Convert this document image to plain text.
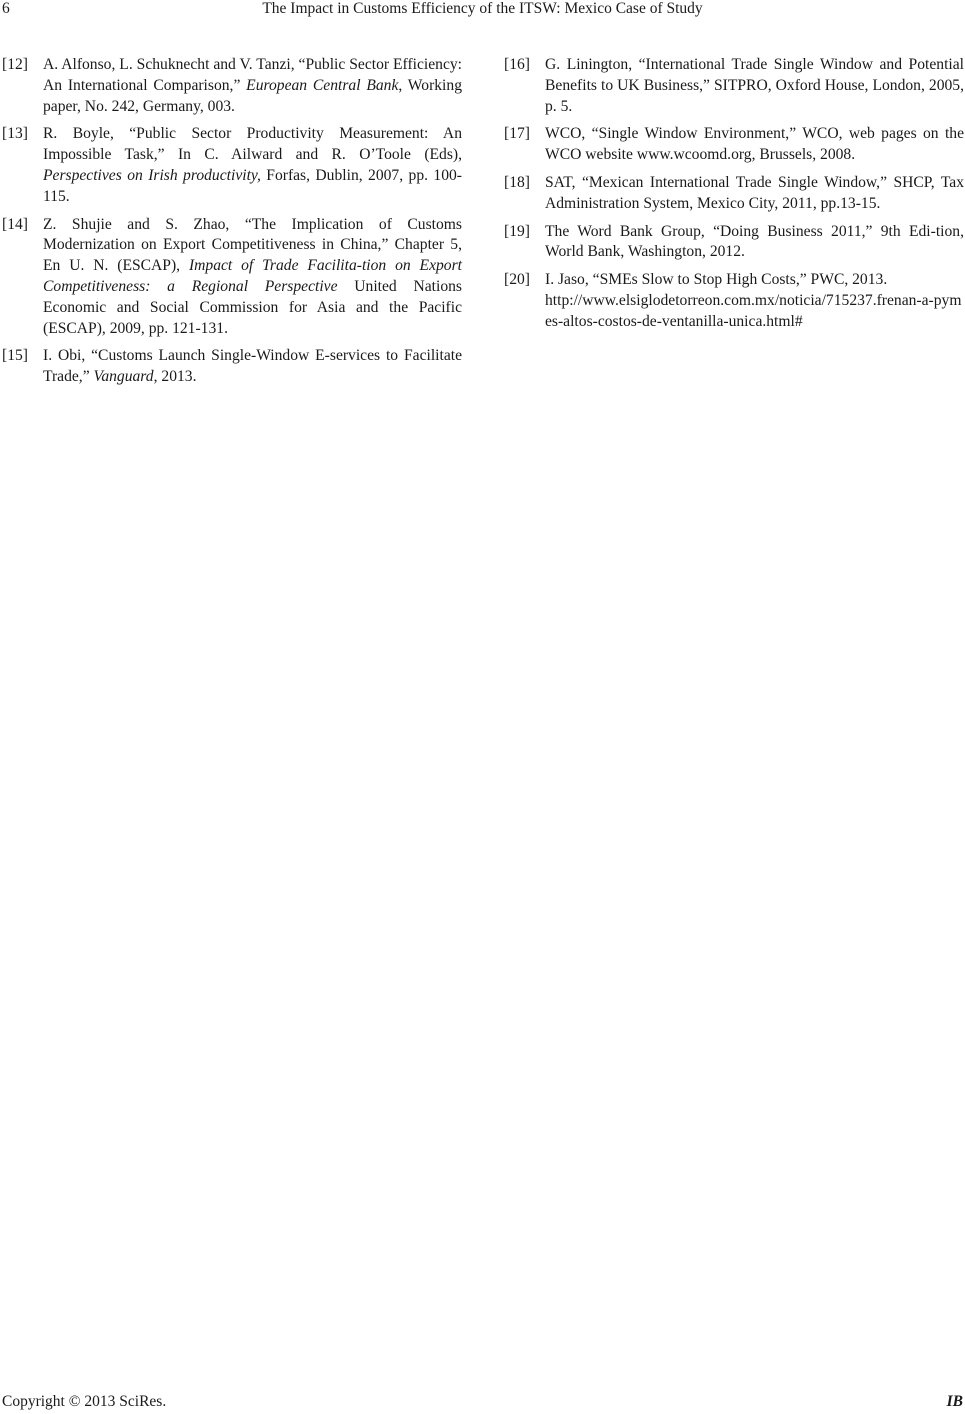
6	The Impact in Customs Efficiency of the ITSW: Mexico Case of Study
[12] A. Alfonso, L. Schuknecht and V. Tanzi, “Public Sector Efficiency: An International Comparison,” European Central Bank, Working paper, No. 242, Germany, 003.
[13] R. Boyle, “Public Sector Productivity Measurement: An Impossible Task,” In C. Ailward and R. O’Toole (Eds), Perspectives on Irish productivity, Forfas, Dublin, 2007, pp. 100-115.
[14] Z. Shujie and S. Zhao, “The Implication of Customs Modernization on Export Competitiveness in China,” Chapter 5, En U. N. (ESCAP), Impact of Trade Facilita-tion on Export Competitiveness: a Regional Perspective United Nations Economic and Social Commission for Asia and the Pacific (ESCAP), 2009, pp. 121-131.
[15] I. Obi, “Customs Launch Single-Window E-services to Facilitate Trade,” Vanguard, 2013.
[16] G. Linington, “International Trade Single Window and Potential Benefits to UK Business,” SITPRO, Oxford House, London, 2005, p. 5.
[17] WCO, “Single Window Environment,” WCO, web pages on the WCO website www.wcoomd.org, Brussels, 2008.
[18] SAT, “Mexican International Trade Single Window,” SHCP, Tax Administration System, Mexico City, 2011, pp.13-15.
[19] The Word Bank Group, “Doing Business 2011,” 9th Edi-tion, World Bank, Washington, 2012.
[20] I. Jaso, “SMEs Slow to Stop High Costs,” PWC, 2013.
http://www.elsiglodetorreon.com.mx/noticia/715237.frenan-a-pymes-altos-costos-de-ventanilla-unica.html#
Copyright © 2013 SciRes.	IB
